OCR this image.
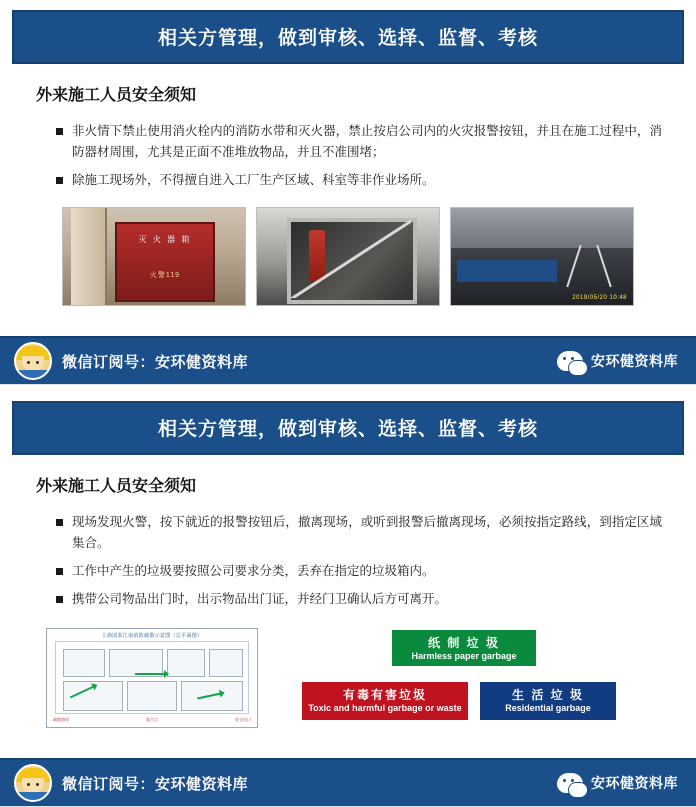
相关方管理，做到审核、选择、监督、考核
外来施工人员安全须知
非火情下禁止使用消火栓内的消防水带和灭火器，禁止按启公司内的火灾报警按钮，并且在施工过程中，消防器材周围，尤其是正面不准堆放物品，并且不准围堵；
除施工现场外，不得擅自进入工厂生产区域、科室等非作业场所。
灭 火 器 箱
火警119
2019/05/20 10:48
微信订阅号：安环健资料库	安环健资料库
相关方管理，做到审核、选择、监督、考核
外来施工人员安全须知
现场发现火警，按下就近的报警按钮后，撤离现场，或听到报警后撤离现场，必须按指定路线，到指定区域集合。
工作中产生的垃圾要按照公司要求分类，丢弃在指定的垃圾箱内。
携带公司物品出门时，出示物品出门证，并经门卫确认后方可离开。
上海国泰江南消防疏散示意图（总平面图）
疏散路线	集合点	安全出口
纸 制 垃 圾
Harmless paper garbage
有毒有害垃圾
Toxic and harmful garbage or waste
生 活 垃 圾
Residential garbage
微信订阅号：安环健资料库	安环健资料库
